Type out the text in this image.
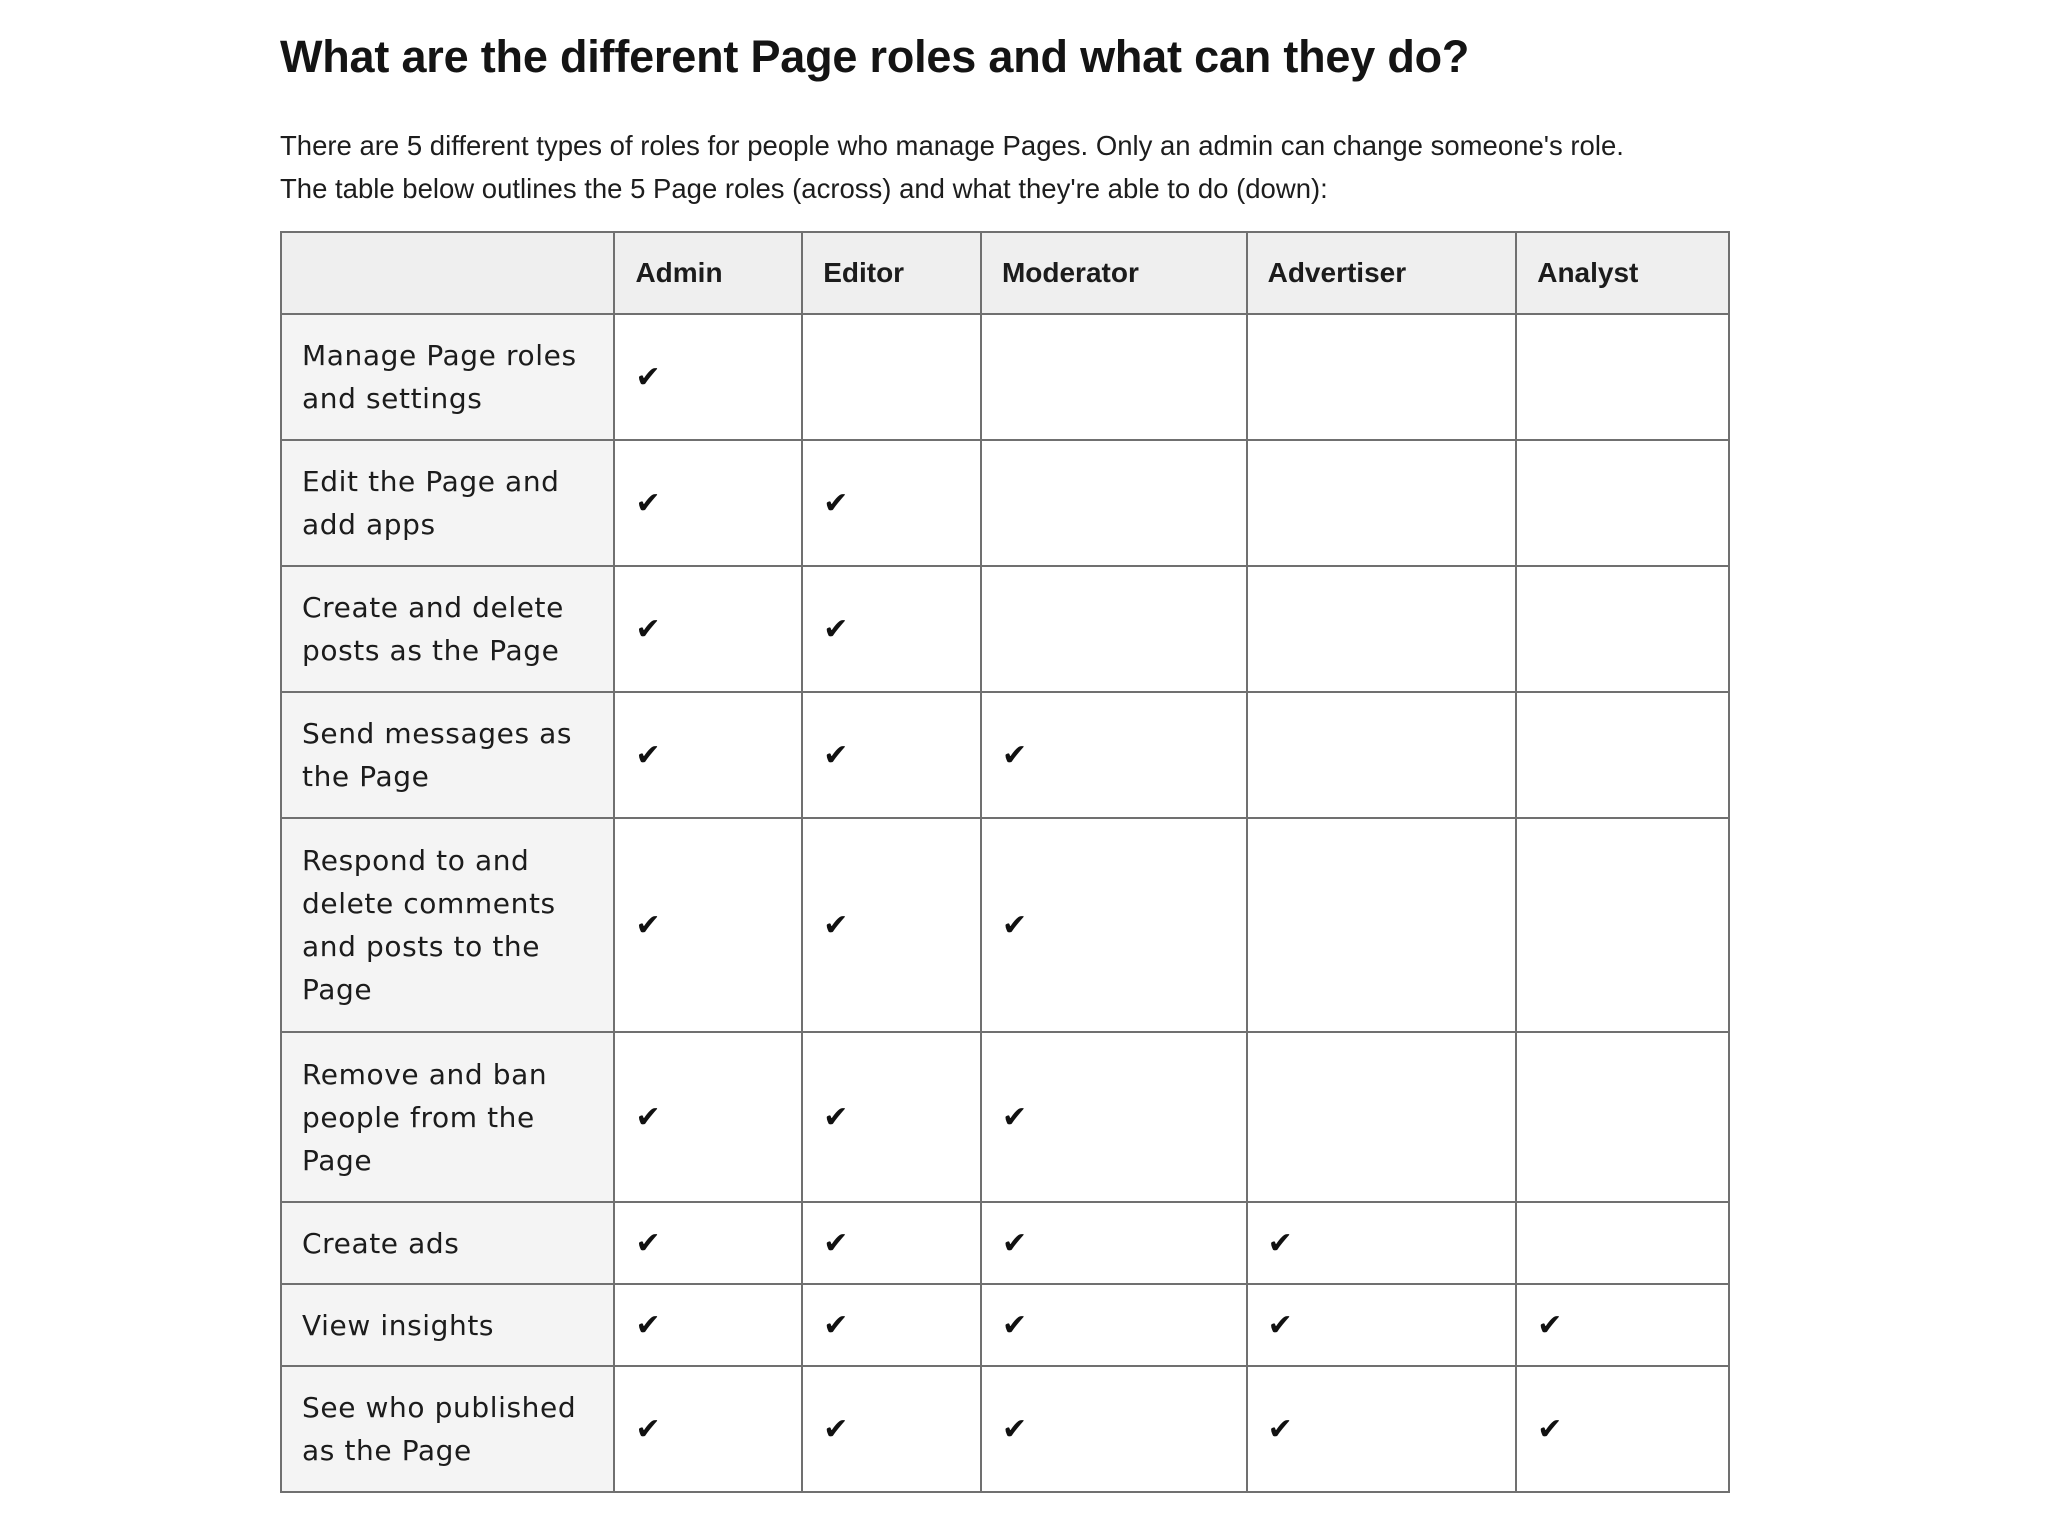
What are the different Page roles and what can they do?
There are 5 different types of roles for people who manage Pages. Only an admin can change someone's role.
The table below outlines the 5 Page roles (across) and what they're able to do (down):
	Admin	Editor	Moderator	Advertiser	Analyst
Manage Page roles and settings	✔				
Edit the Page and add apps	✔	✔			
Create and delete posts as the Page	✔	✔			
Send messages as the Page	✔	✔	✔		
Respond to and delete comments and posts to the Page	✔	✔	✔		
Remove and ban people from the Page	✔	✔	✔		
Create ads	✔	✔	✔	✔	
View insights	✔	✔	✔	✔	✔
See who published as the Page	✔	✔	✔	✔	✔
